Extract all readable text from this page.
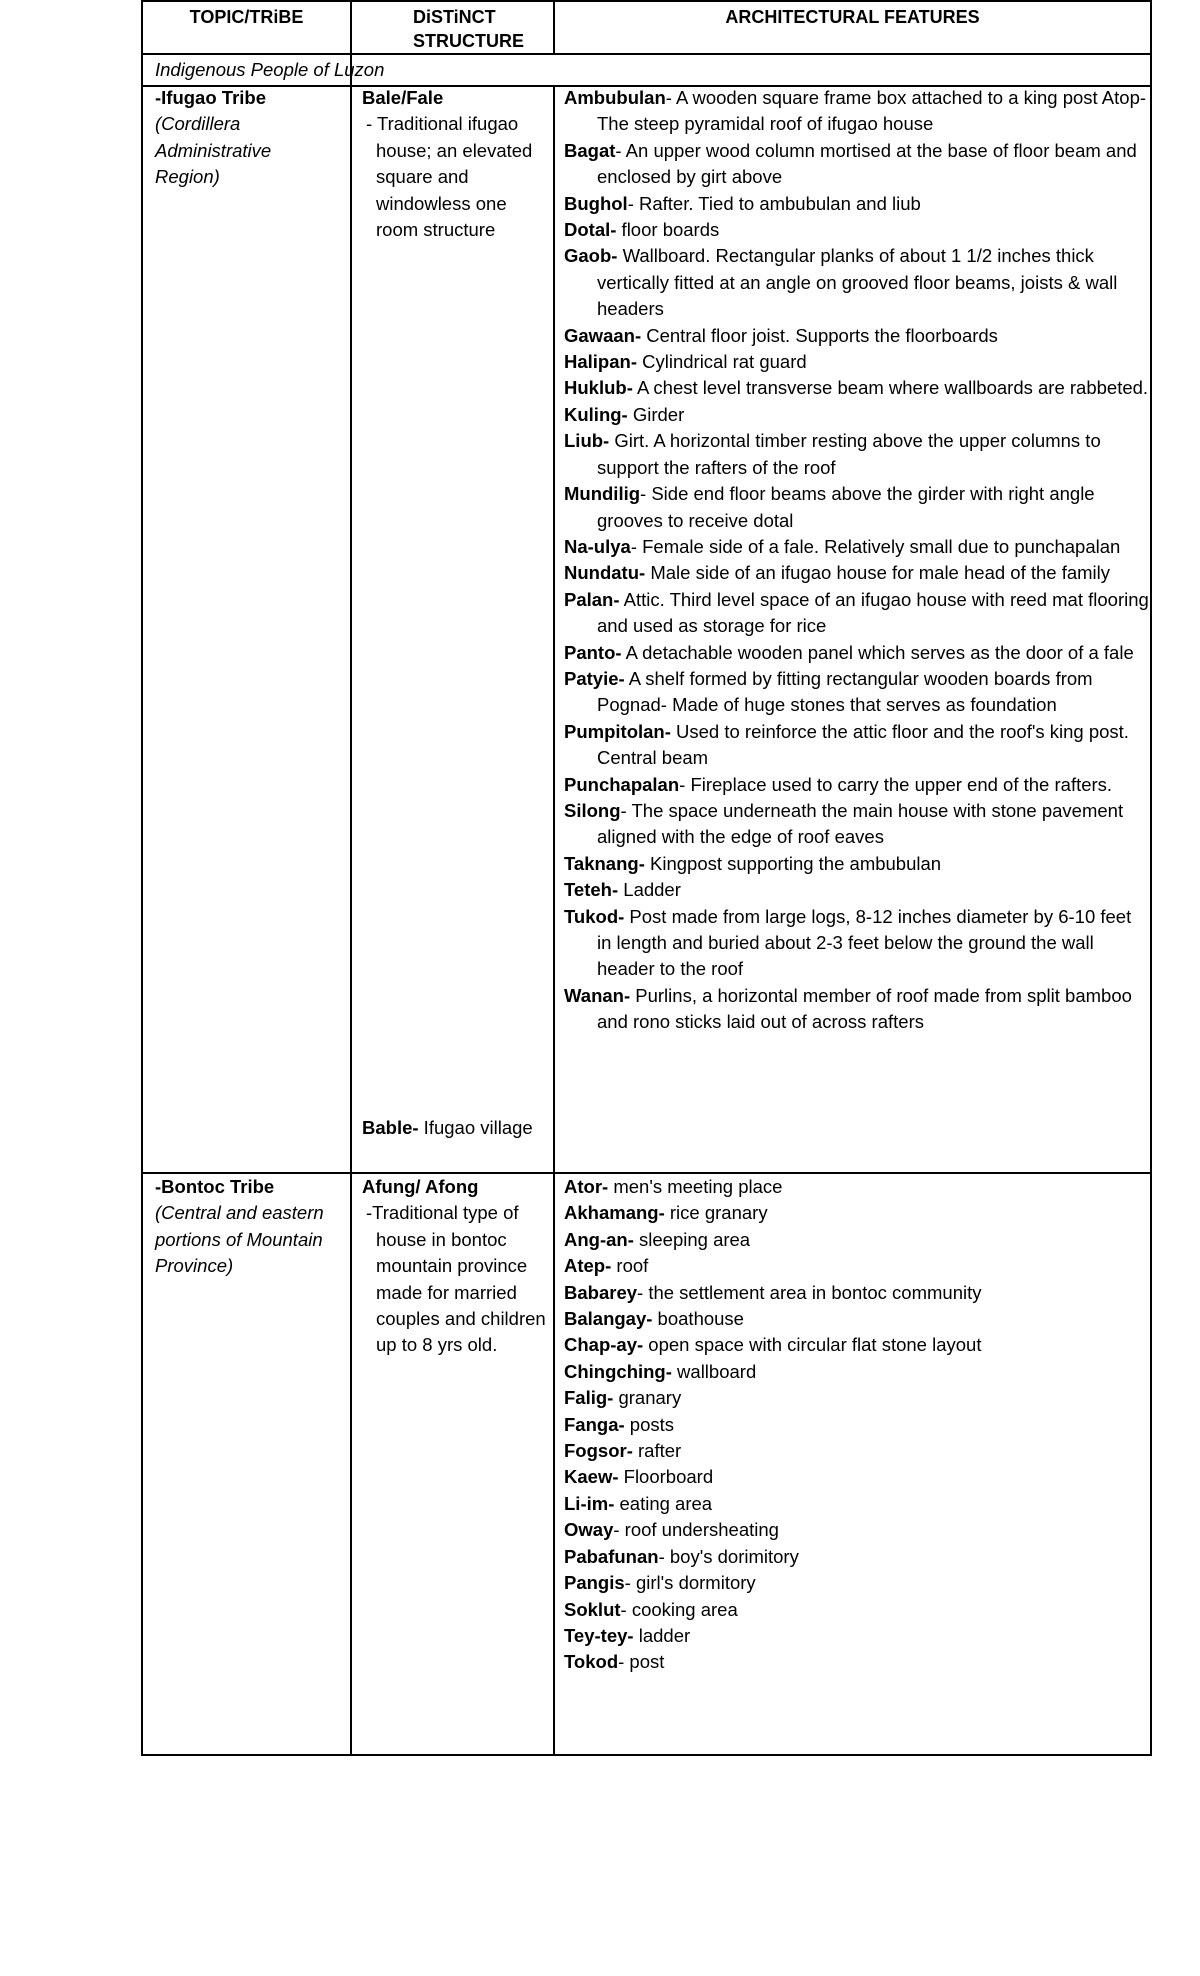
TOPIC/TRiBE	DiSTiNCT STRUCTURE
ARCHITECTURAL FEATURES
Indigenous People of Luzon
-Ifugao Tribe
(Cordillera Administrative Region)
Bale/Fale
- Traditional ifugao house; an elevated square and windowless one room structure
Bable- Ifugao village
Ambubulan- A wooden square frame box attached to a king post Atop- The steep pyramidal roof of ifugao house
Bagat- An upper wood column mortised at the base of floor beam and enclosed by girt above
Bughol- Rafter. Tied to ambubulan and liub
Dotal- floor boards
Gaob- Wallboard. Rectangular planks of about 1 1/2 inches thick vertically fitted at an angle on grooved floor beams, joists & wall headers
Gawaan- Central floor joist. Supports the floorboards
Halipan- Cylindrical rat guard
Huklub- A chest level transverse beam where wallboards are rabbeted.
Kuling- Girder
Liub- Girt. A horizontal timber resting above the upper columns to support the rafters of the roof
Mundilig- Side end floor beams above the girder with right angle grooves to receive dotal
Na-ulya- Female side of a fale. Relatively small due to punchapalan
Nundatu- Male side of an ifugao house for male head of the family
Palan- Attic. Third level space of an ifugao house with reed mat flooring and used as storage for rice
Panto- A detachable wooden panel which serves as the door of a fale
Patyie- A shelf formed by fitting rectangular wooden boards from Pognad- Made of huge stones that serves as foundation
Pumpitolan- Used to reinforce the attic floor and the roof's king post. Central beam
Punchapalan- Fireplace used to carry the upper end of the rafters.
Silong- The space underneath the main house with stone pavement aligned with the edge of roof eaves
Taknang- Kingpost supporting the ambubulan
Teteh- Ladder
Tukod- Post made from large logs, 8-12 inches diameter by 6-10 feet in length and buried about 2-3 feet below the ground the wall header to the roof
Wanan- Purlins, a horizontal member of roof made from split bamboo and rono sticks laid out of across rafters
-Bontoc Tribe
(Central and eastern portions of Mountain Province)
Afung/ Afong
-Traditional type of house in bontoc mountain province made for married couples and children up to 8 yrs old.
Ator- men's meeting place
Akhamang- rice granary
Ang-an- sleeping area
Atep- roof
Babarey- the settlement area in bontoc community
Balangay- boathouse
Chap-ay- open space with circular flat stone layout
Chingching- wallboard
Falig- granary
Fanga- posts
Fogsor- rafter
Kaew- Floorboard
Li-im- eating area
Oway- roof undersheating
Pabafunan- boy's dorimitory
Pangis- girl's dormitory
Soklut- cooking area
Tey-tey- ladder
Tokod- post
